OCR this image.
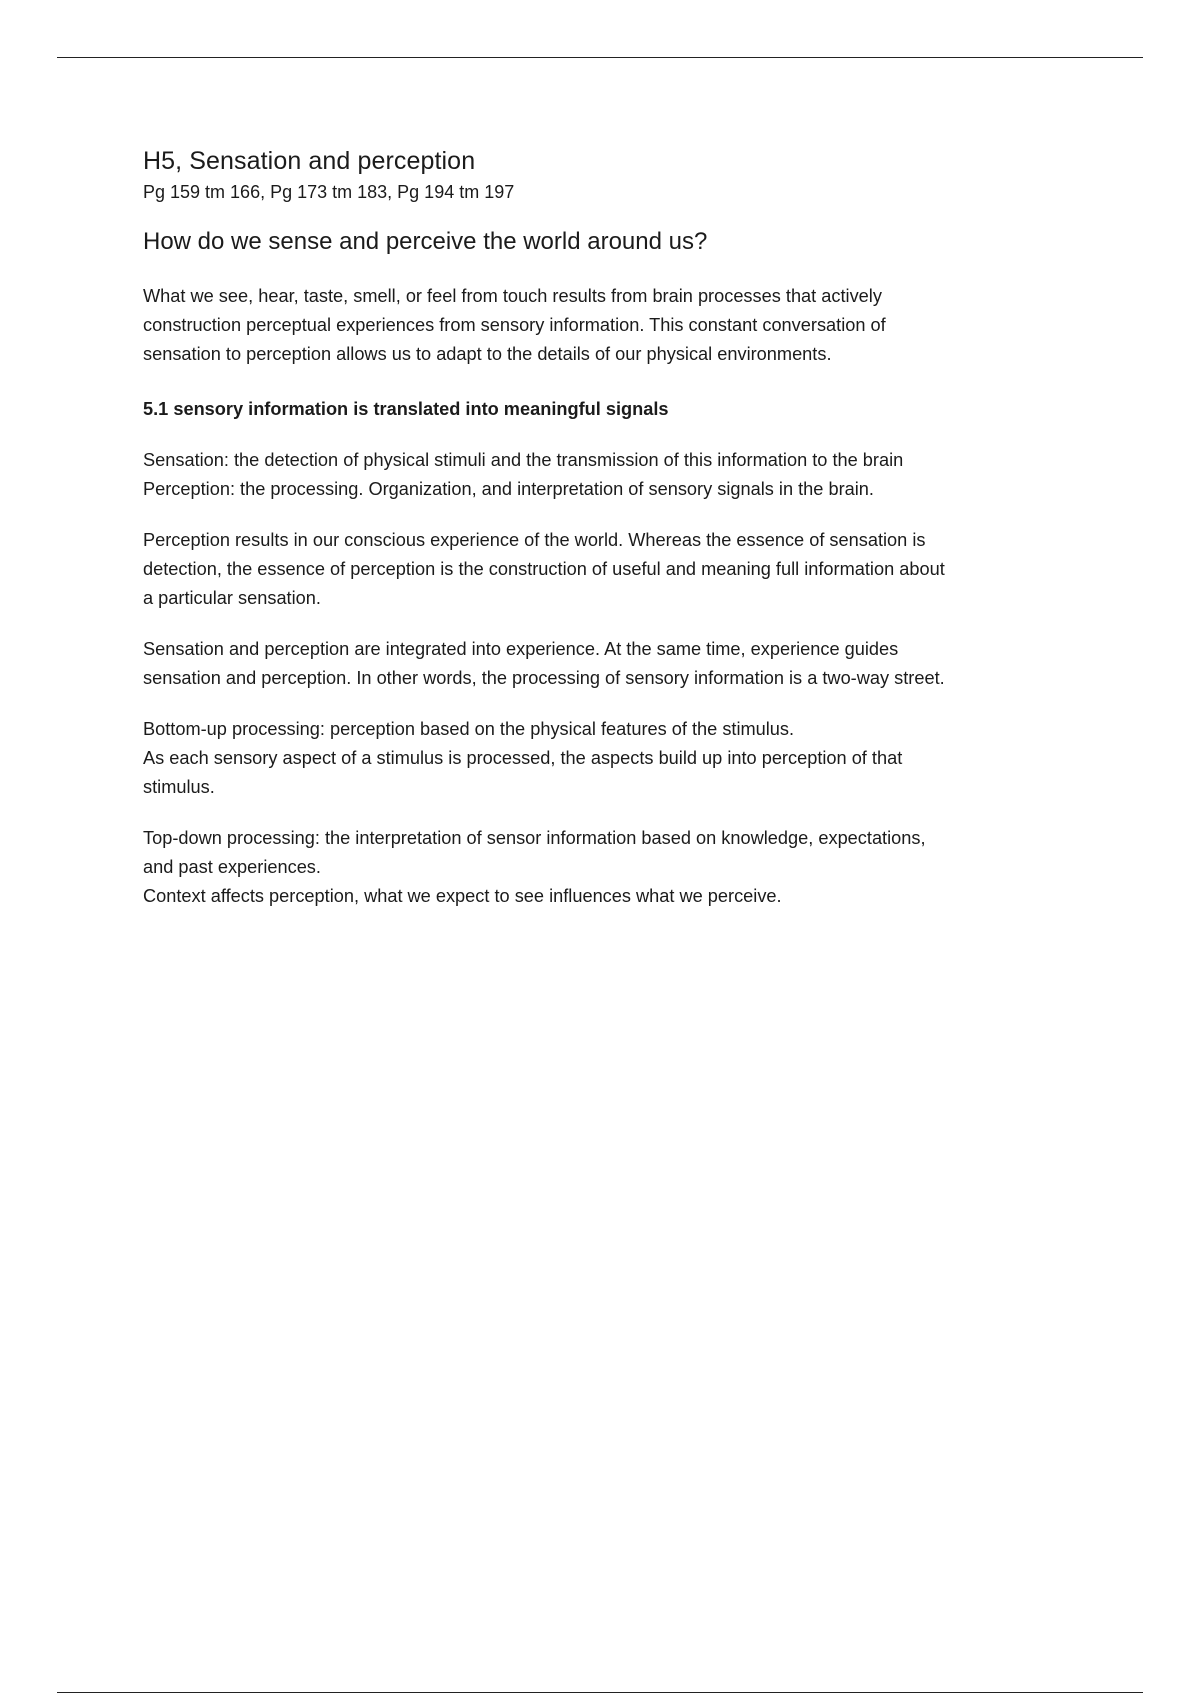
H5, Sensation and perception

Pg 159 tm 166, Pg 173 tm 183, Pg 194 tm 197

How do we sense and perceive the world around us?

What we see, hear, taste, smell, or feel from touch results from brain processes that actively
construction perceptual experiences from sensory information. This constant conversation of
sensation to perception allows us to adapt to the details of our physical environments.

5.1 sensory information is translated into meaningful signals

Sensation: the detection of physical stimuli and the transmission of this information to the brain
Perception: the processing. Organization, and interpretation of sensory signals in the brain.

Perception results in our conscious experience of the world. Whereas the essence of sensation is
detection, the essence of perception is the construction of useful and meaning full information about
a particular sensation.

Sensation and perception are integrated into experience. At the same time, experience guides
sensation and perception. In other words, the processing of sensory information is a two-way street.

Bottom-up processing: perception based on the physical features of the stimulus.
As each sensory aspect of a stimulus is processed, the aspects build up into perception of that
stimulus.

Top-down processing: the interpretation of sensor information based on knowledge, expectations,
and past experiences.
Context affects perception, what we expect to see influences what we perceive.
